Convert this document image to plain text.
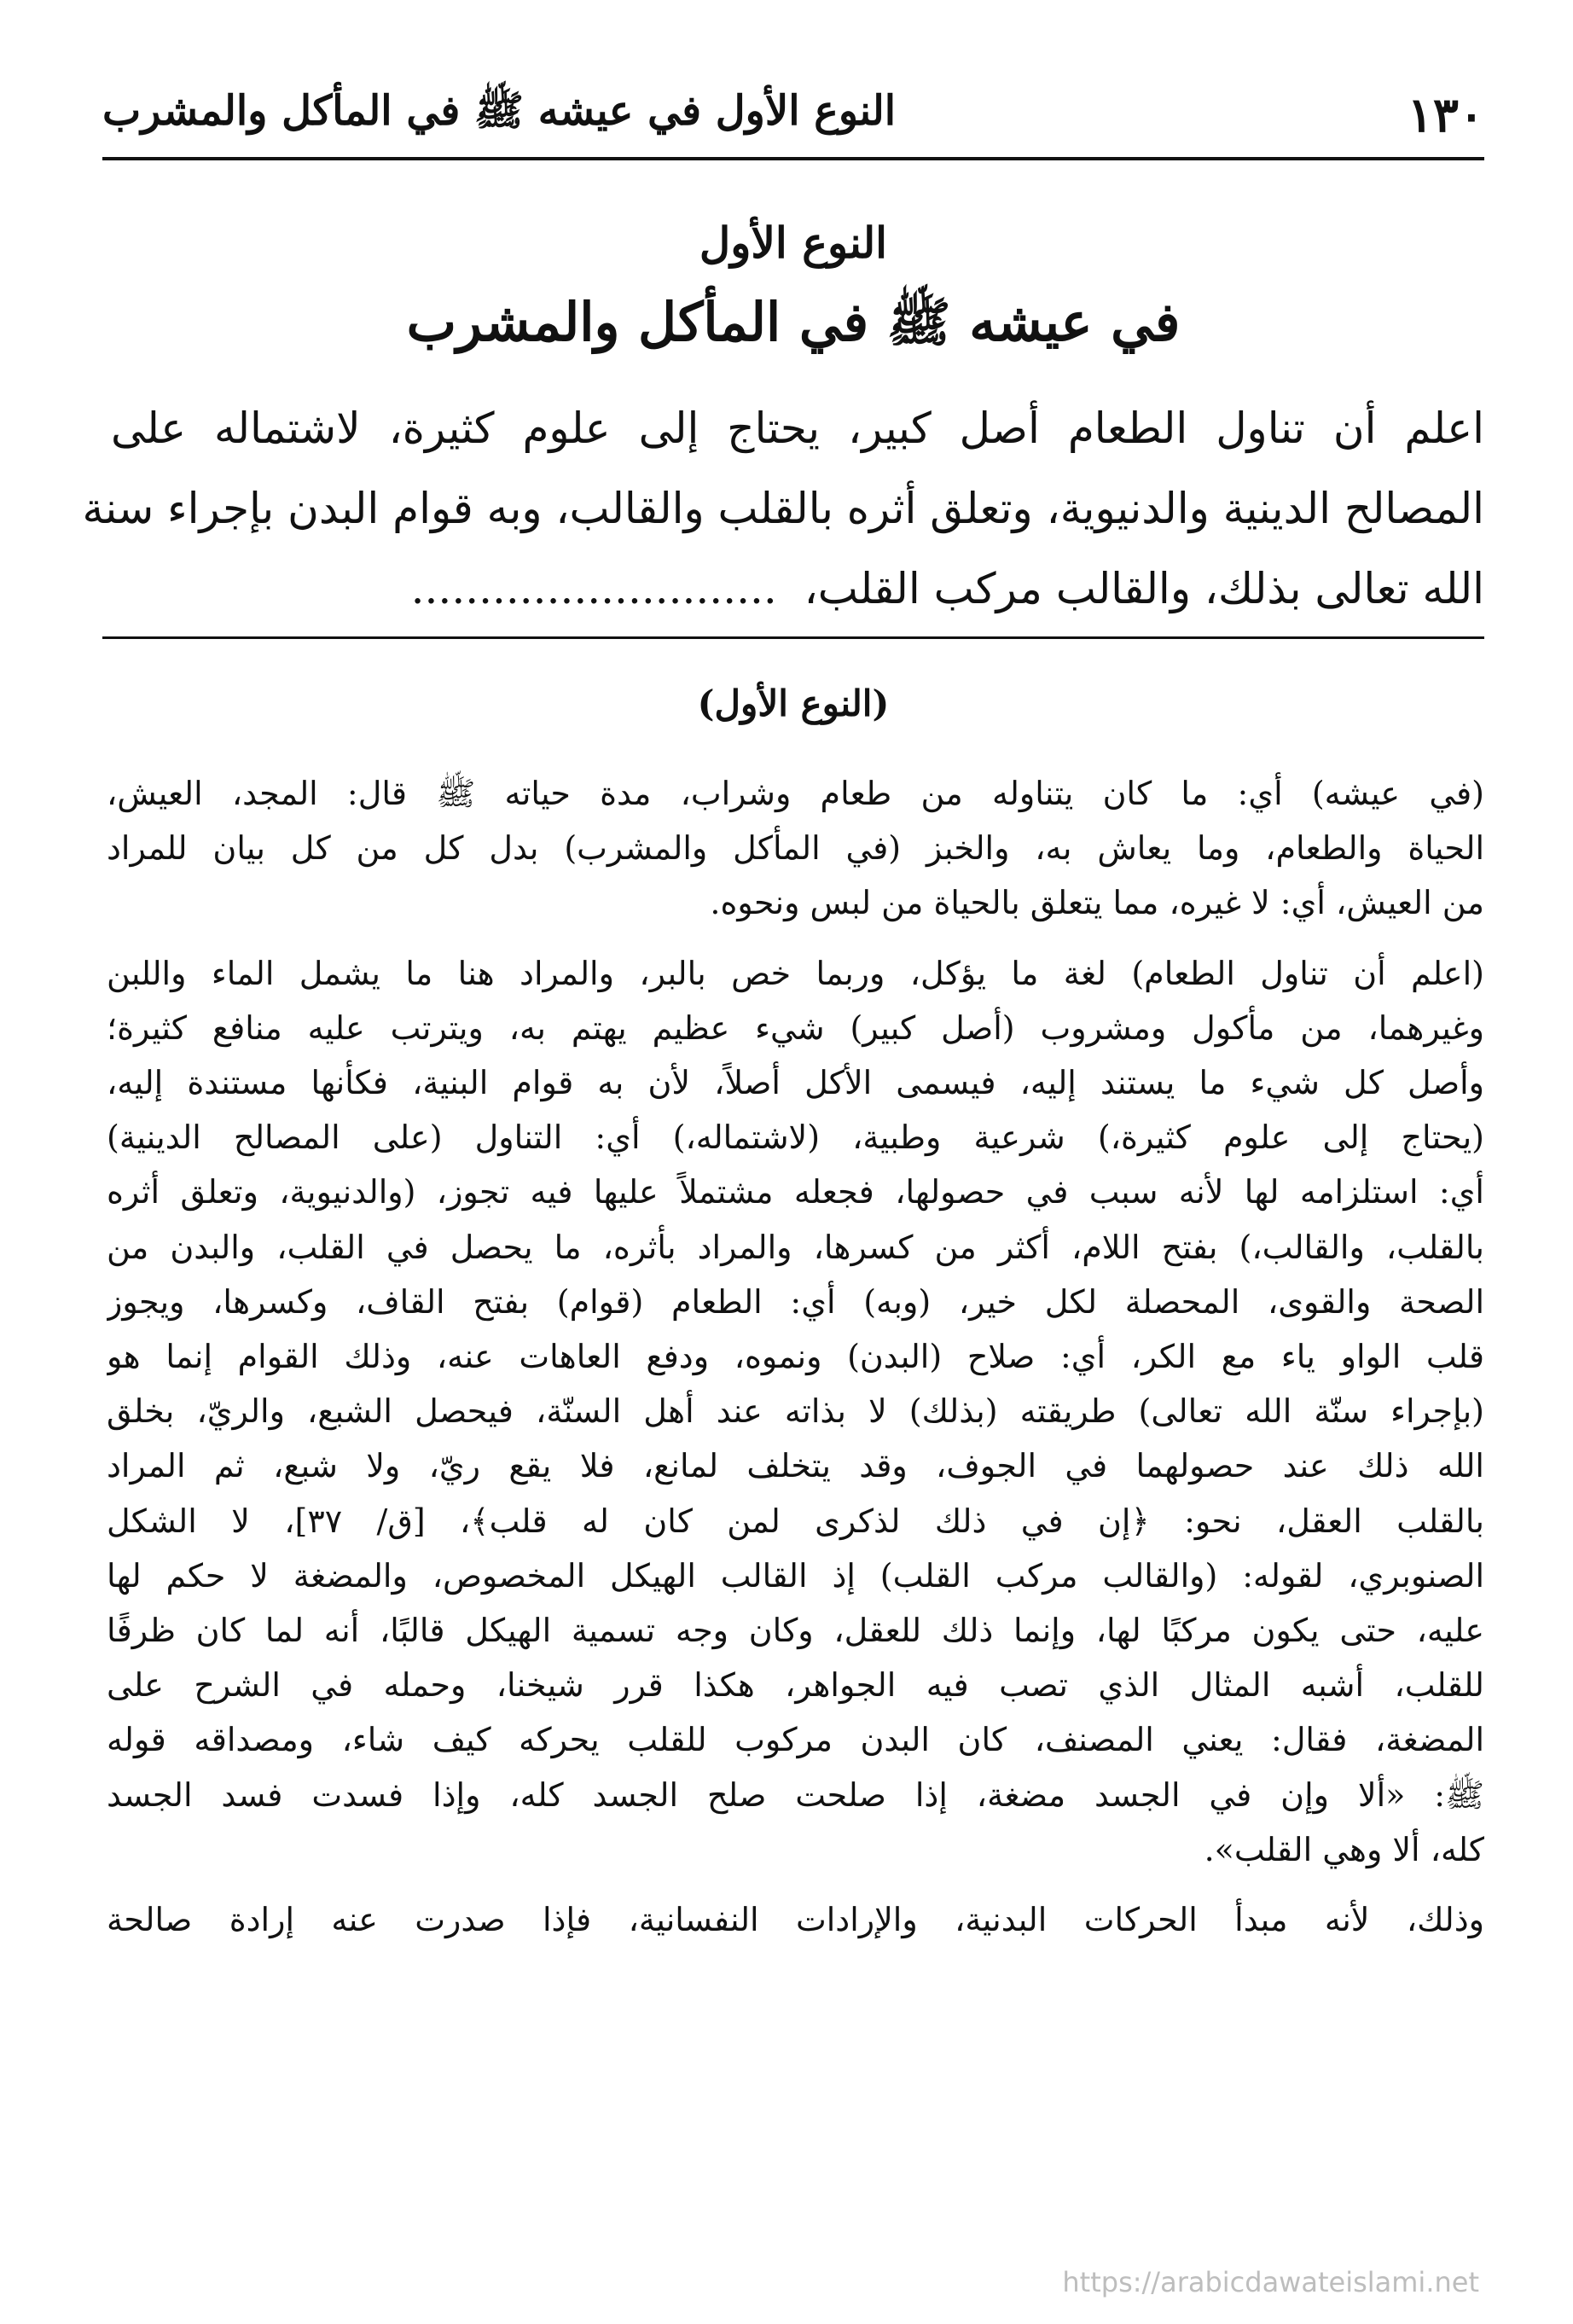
١٣٠
النوع الأول في عيشه ﷺ في المأكل والمشرب
النوع الأول
في عيشه ﷺ في المأكل والمشرب
اعلم أن تناول الطعام أصل كبير، يحتاج إلى علوم كثيرة، لاشتماله على
المصالح الدينية والدنيوية، وتعلق أثره بالقلب والقالب، وبه قوام البدن بإجراء سنة
الله تعالى بذلك، والقالب مركب القلب،  ...........................
(النوع الأول)
(في عيشه) أي: ما كان يتناوله من طعام وشراب، مدة حياته ﷺ قال: المجد، العيش،
الحياة والطعام، وما يعاش به، والخبز (في المأكل والمشرب) بدل كل من كل بيان للمراد
من العيش، أي: لا غيره، مما يتعلق بالحياة من لبس ونحوه.
(اعلم أن تناول الطعام) لغة ما يؤكل، وربما خص بالبر، والمراد هنا ما يشمل الماء واللبن
وغيرهما، من مأكول ومشروب (أصل كبير) شيء عظيم يهتم به، ويترتب عليه منافع كثيرة؛
وأصل كل شيء ما يستند إليه، فيسمى الأكل أصلاً، لأن به قوام البنية، فكأنها مستندة إليه،
(يحتاج إلى علوم كثيرة،) شرعية وطبية، (لاشتماله،) أي: التناول (على المصالح الدينية)
أي: استلزامه لها لأنه سبب في حصولها، فجعله مشتملاً عليها فيه تجوز، (والدنيوية، وتعلق أثره
بالقلب، والقالب،) بفتح اللام، أكثر من كسرها، والمراد بأثره، ما يحصل في القلب، والبدن من
الصحة والقوى، المحصلة لكل خير، (وبه) أي: الطعام (قوام) بفتح القاف، وكسرها، ويجوز
قلب الواو ياء مع الكر، أي: صلاح (البدن) ونموه، ودفع العاهات عنه، وذلك القوام إنما هو
(بإجراء سنّة الله تعالى) طريقته (بذلك) لا بذاته عند أهل السنّة، فيحصل الشبع، والريّ، بخلق
الله ذلك عند حصولهما في الجوف، وقد يتخلف لمانع، فلا يقع ريّ، ولا شبع، ثم المراد
بالقلب العقل، نحو: ﴿إن في ذلك لذكرى لمن كان له قلب﴾، [ق/ ٣٧]، لا الشكل
الصنوبري، لقوله: (والقالب مركب القلب) إذ القالب الهيكل المخصوص، والمضغة لا حكم لها
عليه، حتى يكون مركبًا لها، وإنما ذلك للعقل، وكان وجه تسمية الهيكل قالبًا، أنه لما كان ظرفًا
للقلب، أشبه المثال الذي تصب فيه الجواهر، هكذا قرر شيخنا، وحمله في الشرح على
المضغة، فقال: يعني المصنف، كان البدن مركوب للقلب يحركه كيف شاء، ومصداقه قوله
ﷺ: «ألا وإن في الجسد مضغة، إذا صلحت صلح الجسد كله، وإذا فسدت فسد الجسد
كله، ألا وهي القلب».
وذلك، لأنه مبدأ الحركات البدنية، والإرادات النفسانية، فإذا صدرت عنه إرادة صالحة
https://arabicdawateislami.net
